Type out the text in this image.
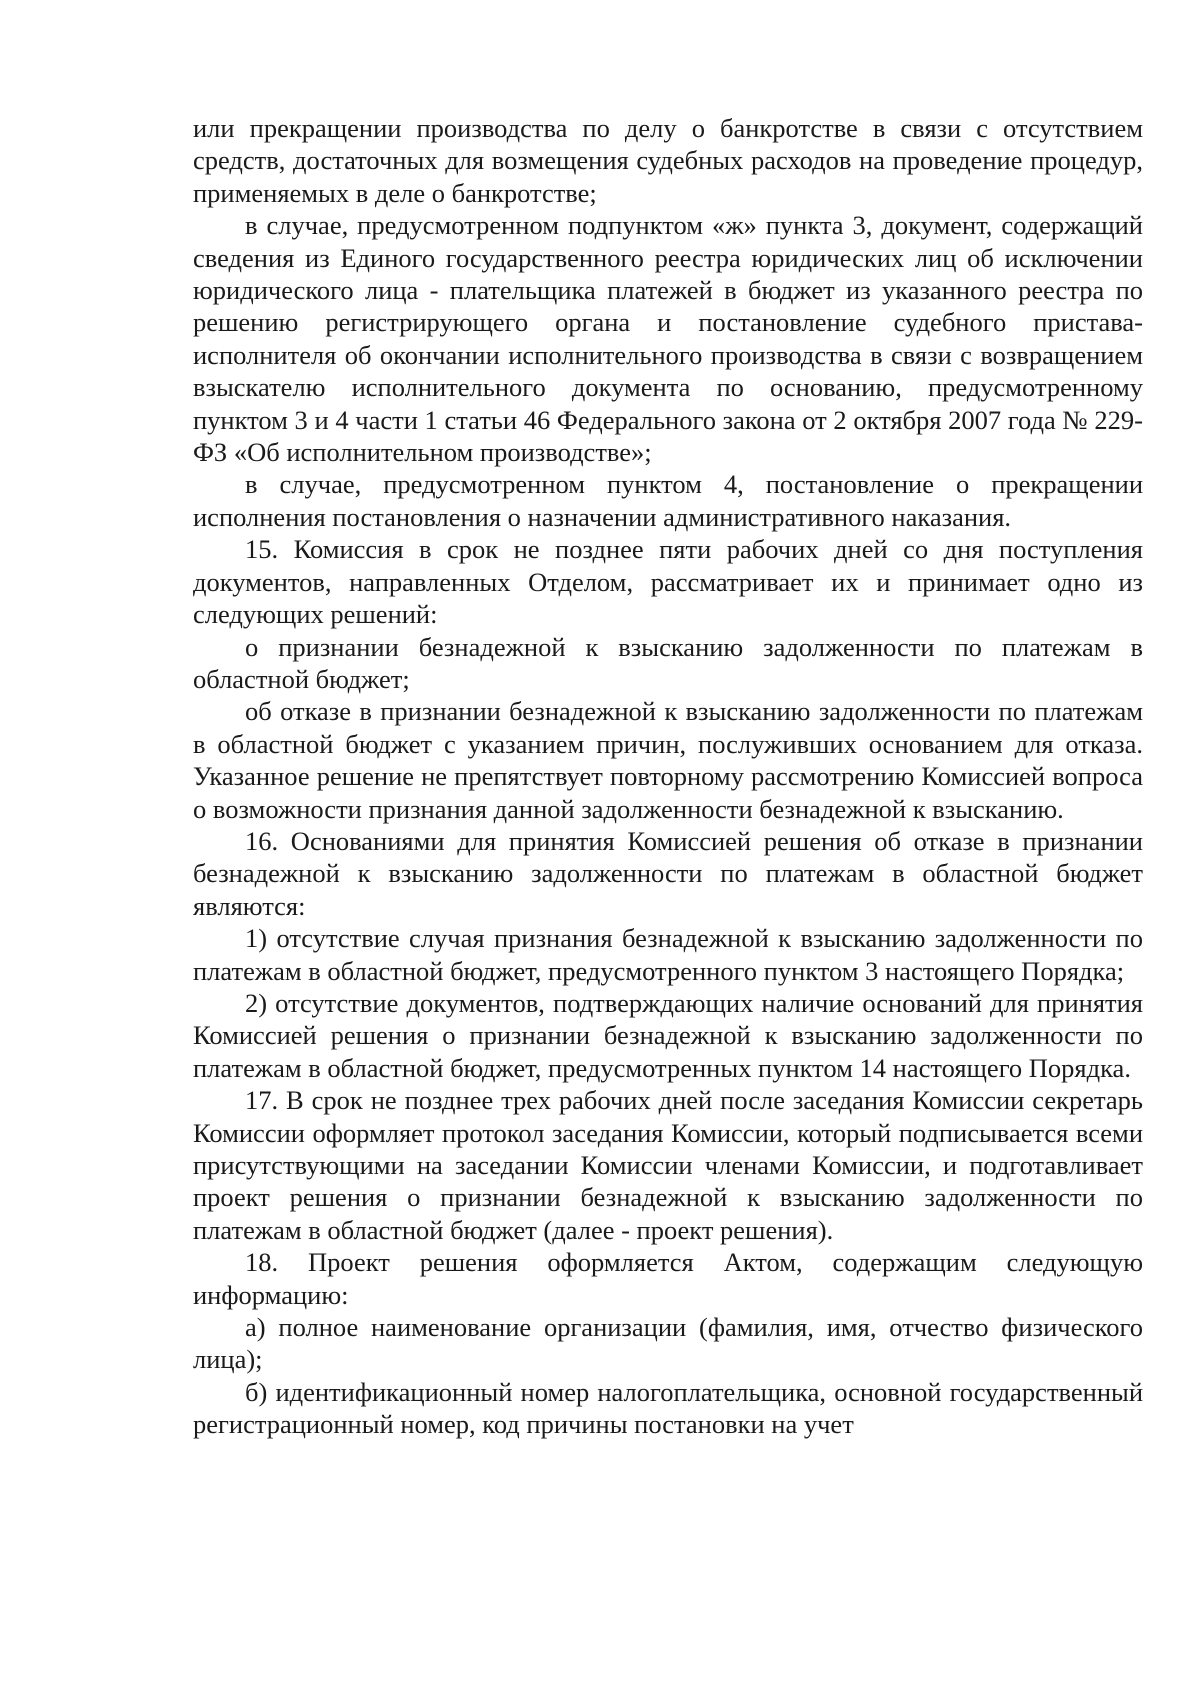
или прекращении производства по делу о банкротстве в связи с отсутствием средств, достаточных для возмещения судебных расходов на проведение процедур, применяемых в деле о банкротстве;

в случае, предусмотренном подпунктом «ж» пункта 3, документ, содержащий сведения из Единого государственного реестра юридических лиц об исключении юридического лица - плательщика платежей в бюджет из указанного реестра по решению регистрирующего органа и постановление судебного пристава-исполнителя об окончании исполнительного производства в связи с возвращением взыскателю исполнительного документа по основанию, предусмотренному пунктом 3 и 4 части 1 статьи 46 Федерального закона от 2 октября 2007 года № 229-ФЗ «Об исполнительном производстве»;

в случае, предусмотренном пунктом 4, постановление о прекращении исполнения постановления о назначении административного наказания.

15. Комиссия в срок не позднее пяти рабочих дней со дня поступления документов, направленных Отделом, рассматривает их и принимает одно из следующих решений:

о признании безнадежной к взысканию задолженности по платежам в областной бюджет;

об отказе в признании безнадежной к взысканию задолженности по платежам в областной бюджет с указанием причин, послуживших основанием для отказа. Указанное решение не препятствует повторному рассмотрению Комиссией вопроса о возможности признания данной задолженности безнадежной к взысканию.

16. Основаниями для принятия Комиссией решения об отказе в признании безнадежной к взысканию задолженности по платежам в областной бюджет являются:

1) отсутствие случая признания безнадежной к взысканию задолженности по платежам в областной бюджет, предусмотренного пунктом 3 настоящего Порядка;

2) отсутствие документов, подтверждающих наличие оснований для принятия Комиссией решения о признании безнадежной к взысканию задолженности по платежам в областной бюджет, предусмотренных пунктом 14 настоящего Порядка.

17. В срок не позднее трех рабочих дней после заседания Комиссии секретарь Комиссии оформляет протокол заседания Комиссии, который подписывается всеми присутствующими на заседании Комиссии членами Комиссии, и подготавливает проект решения о признании безнадежной к взысканию задолженности по платежам в областной бюджет (далее - проект решения).

18. Проект решения оформляется Актом, содержащим следующую информацию:

а) полное наименование организации (фамилия, имя, отчество физического лица);

б) идентификационный номер налогоплательщика, основной государственный регистрационный номер, код причины постановки на учет
